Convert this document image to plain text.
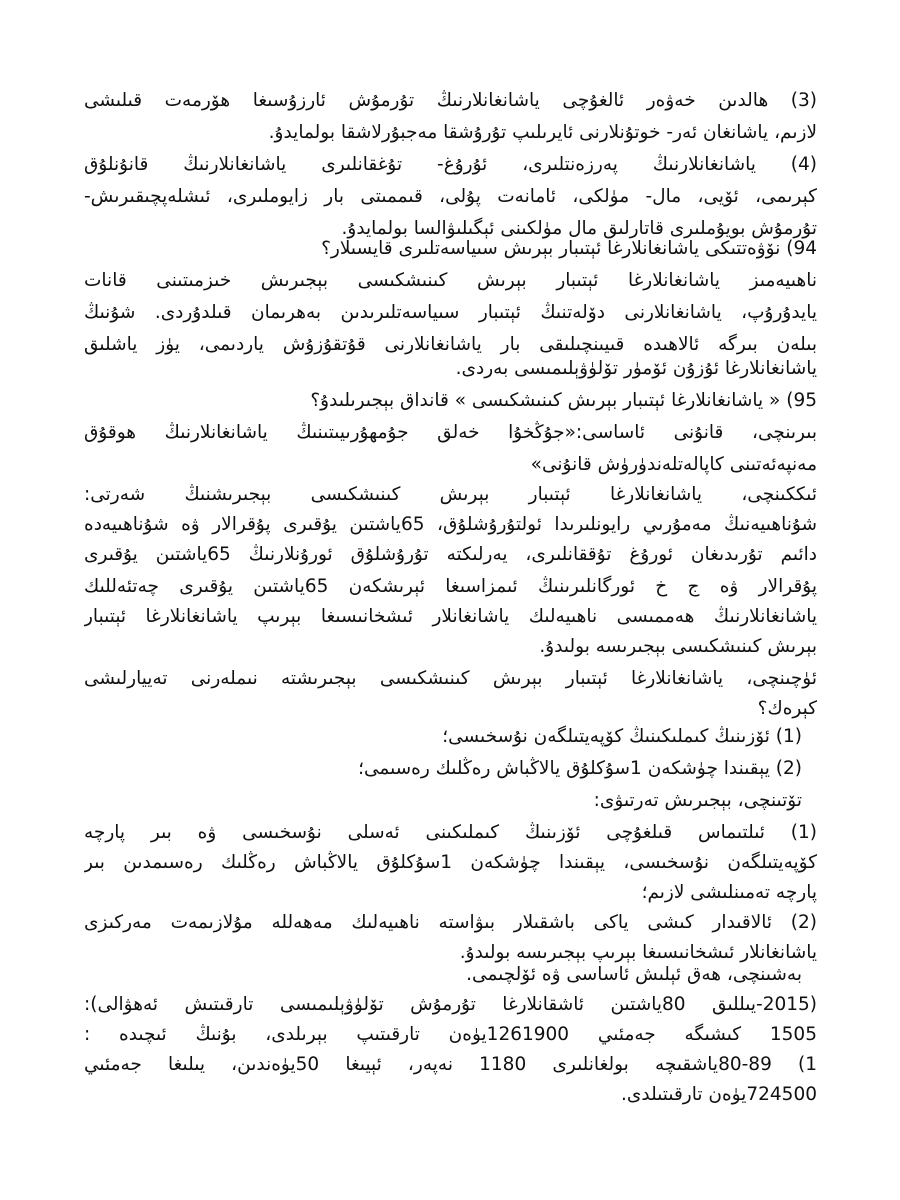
(3) ھالدىن خەۋەر ئالغۇچى ياشانغانلارنىڭ تۇرمۇش ئارزۇسىغا ھۆرمەت قىلىشى
لازىم، ياشانغان ئەر- خوتۇنلارنى ئايرىلىپ تۇرۇشقا مەجبۇرلاشقا بولمايدۇ.
(4) ياشانغانلارنىڭ پەرزەنتلىرى، ئۇرۇغ- تۇغقانلىرى ياشانغانلارنىڭ قانۇنلۇق
كېرىمى، ئۆيى، مال- مۈلكى، ئامانەت پۇلى، قىممىتى بار زايوملىرى، ئىشلەپچىقىرىش-
تۇرمۇش بويۇملىرى قاتارلىق مال مۈلكىنى ئېگىلىۋالسا بولمايدۇ.
94) نۆۋەتتىكى ياشانغانلارغا ئېتىبار بېرىش سىياسەتلىرى قايسىلار؟
ناھىيەمىز ياشانغانلارغا ئېتىبار بېرىش كىنىشكىسى بېجىرىش خىزمىتىنى قانات
يايدۇرۇپ، ياشانغانلارنى دۆلەتنىڭ ئېتىبار سىياسەتلىرىدىن بەھرىمان قىلدۇردى. شۇنىڭ
بىلەن بىرگە ئالاھىدە قىيىنچىلىقى بار ياشانغانلارنى قۇتقۇزۇش ياردىمى، يۈز ياشلىق
ياشانغانلارغا ئۇزۇن ئۆمۈر تۆلۈۋېلىمىسى بەردى.
95) « ياشانغانلارغا ئېتىبار بېرىش كىنىشكىسى » قانداق بېجىرىلىدۇ؟
بىرىنچى، قانۇنى ئاساسى:«جۇڭخۇا خەلق جۇمھۇرىيىتىنىڭ ياشانغانلارنىڭ ھوقۇق
مەنپەئەتىنى كاپالەتلەندۈرۈش قانۇنى»
ئىككىنچى، ياشانغانلارغا ئېتىبار بېرىش كىنىشكىسى بېجىرىشنىڭ شەرتى:
شۇناھىيەنىڭ مەمۇرىي رايونلىرىدا ئولتۇرۇشلۇق، 65ياشتىن يۇقىرى پۇقرالار ۋە شۇناھىيەدە
دائىم تۇرىدىغان ئورۇغ تۇققانلىرى، يەرلىكتە تۇرۇشلۇق ئورۇنلارنىڭ 65ياشتىن يۇقىرى
پۇقرالار ۋە ج خ ئورگانلىرىنىڭ ئىمزاسىغا ئېرىشكەن 65ياشتىن يۇقىرى چەتئەللىك
ياشانغانلارنىڭ ھەممىسى ناھىيەلىك ياشانغانلار ئىشخانىسىغا بېرىپ ياشانغانلارغا ئېتىبار
بېرىش كىنىشكىسى بېجىرىسە بولىدۇ.
ئۈچىنچى، ياشانغانلارغا ئېتىبار بېرىش كىنىشكىسى بېجىرىشتە نىملەرنى تەييارلىشى
كېرەك؟
(1) ئۆزىنىڭ كىملىكىنىڭ كۆپەيتىلگەن نۇسخىسى؛
(2) يېقىندا چۈشكەن 1سۇكلۇق يالاڭباش رەڭلىك رەسىمى؛
تۆتىنچى، بېجىرىش تەرتىۋى:
(1) ئىلتىماس قىلغۇچى ئۆزىنىڭ كىملىكىنى ئەسلى نۇسخىسى ۋە بىر پارچە
كۆپەيتىلگەن نۇسخىسى، يېقىندا چۈشكەن 1سۇكلۇق يالاڭباش رەڭلىك رەسىمدىن بىر
پارچە تەمىنلىشى لازىم؛
(2) ئالاقىدار كىشى ياكى باشقىلار بىۋاستە ناھىيەلىك مەھەللە مۇلازىمەت مەركىزى
ياشانغانلار ئىشخانىسىغا بېرىپ بېجىرىسە بولىدۇ.
بەشىنچى، ھەق ئېلىش ئاساسى ۋە ئۆلچىمى.
(2015-يىللىق 80ياشتىن ئاشقانلارغا تۇرمۇش تۆلۈۋېلىمىسى تارقىتىش ئەھۋالى):
1505 كىشىگە جەمئىي 1261900يۈەن تارقىتىپ بېرىلدى، بۇنىڭ ئىچىدە :
1) 80-89ياشقىچە بولغانلىرى 1180 نەپەر، ئېيىغا 50يۈەندىن، يىلىغا جەمئىي
724500يۈەن تارقىتىلدى.
